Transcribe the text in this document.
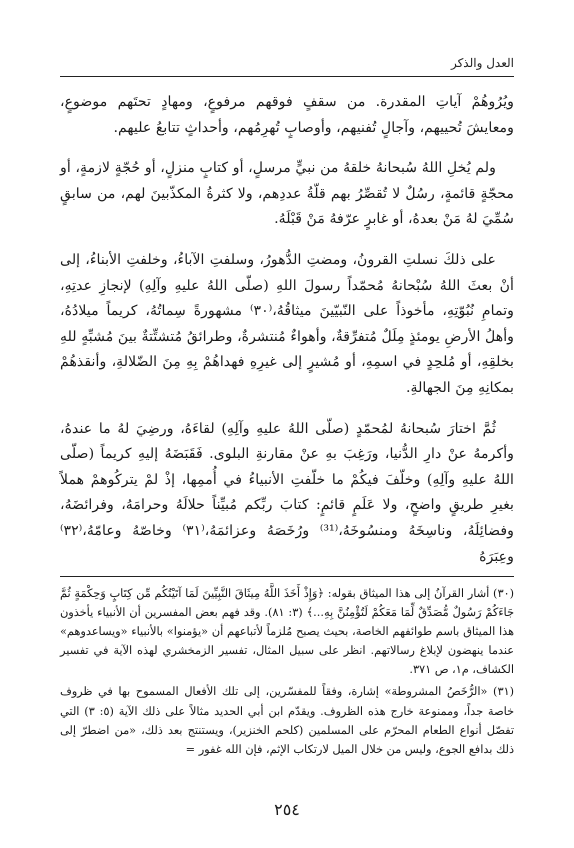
العدل والذكر

ويُرُوهُمْ آياتِ المقدرة. من سقفٍ فوقهم مرفوعٍ، ومهادٍ تحتَهم موضوعٍ، ومعايشَ تُحييهم، وآجالٍ تُفنيهم، وأوصابٍ تُهرِمُهم، وأحداثٍ تتابعُ عليهم.

ولم يُخلِ اللهُ سُبحانهُ خلقهُ من نبيٍّ مرسلٍ، أو كتابٍ منزلٍ، أو حُجّةٍ لازمةٍ، أو محجّةٍ قائمةٍ، رسُلٌ لا تُقصِّرُ بهم قلّةُ عددِهم، ولا كثرةُ المكذّبينَ لهم، من سابقٍ سُمِّيَ لهُ مَنْ بعدهُ، أو غابرٍ عرّفهُ مَنْ قَبْلَهُ.

على ذلكَ نسلتِ القرونُ، ومضتِ الدُّهورُ، وسلفتِ الآباءُ، وخلفتِ الأبناءُ، إلى أنْ بعثَ اللهُ سُبْحانهُ مُحمّداً رسولَ اللهِ (صلّى اللهُ عليهِ وآلِهِ) لإنجازِ عدتِهِ، وتمامِ نُبُوّتِهِ، مأخوذاً على النّبيّينَ ميثاقُهُ،⁽٣٠⁾ مشهورةً سِماتُهُ، كريماً ميلادُهُ، وأهلُ الأرضِ يومئذٍ مِلَلٌ مُتفرِّقةٌ، وأهواءٌ مُنتشرةٌ، وطرائقُ مُتشتِّتةٌ بينَ مُشبِّهٍ للهِ بخلقِهِ، أو مُلحِدٍ في اسمِهِ، أو مُشيرٍ إلى غيرِهِ فهداهُمْ بِهِ مِنَ الضّلالةِ، وأنقذهُمْ بمكانِهِ مِنَ الجهالةِ.

ثُمَّ اختارَ سُبحانهُ لمُحمّدٍ (صلّى اللهُ عليهِ وآلِهِ) لقاءَهُ، ورضِيَ لهُ ما عندهُ، وأكرمهُ عنْ دارِ الدُّنيا، ورَغِبَ بهِ عنْ مقارنةِ البلوى. فَقَبَضَهُ إليهِ كريماً (صلّى اللهُ عليهِ وآلِهِ) وخلّفَ فيكُمْ ما خلّفتِ الأنبياءُ في أُممِها، إذْ لمْ يتركُوهمْ هملاً بغيرِ طريقٍ واضحٍ، ولا عَلَمٍ قائمٍ: كتابَ ربِّكم مُبيِّناً حلالَهُ وحرامَهُ، وفرائضَهُ، وفضائِلَهُ، وناسِخَهُ ومنسُوخَهُ،⁽³¹⁾ ورُخَصَهُ وعزائمَهُ،⁽٣١⁾ وخاصّهُ وعامّهُ،⁽٣٢⁾ وعِبَرَهُ

(٣٠) أشار القرآنُ إلى هذا الميثاق بقوله: ﴿وَإِذْ أَخَذَ اللَّهُ مِيثَاقَ النَّبِيِّينَ لَمَا آتَيْتُكُم مِّن كِتَابٍ وَحِكْمَةٍ ثُمَّ جَاءَكُمْ رَسُولٌ مُّصَدِّقٌ لِّمَا مَعَكُمْ لَتُؤْمِنُنَّ بِهِ...﴾ (٣: ٨١). وقد فهم بعض المفسرين أن الأنبياء يأخذون هذا الميثاق باسم طوائفهم الخاصة، بحيث يصبح مُلزماً لأتباعهم أن «يؤمنوا» بالأنبياء «ويساعدوهم» عندما ينهضون لإبلاغ رسالاتهم. انظر على سبيل المثال، تفسير الزمخشري لهذه الآية في تفسير الكشاف، م١، ص ٣٧١.

(٣١) «الرُّخَصُ المشروطة» إشارة، وفقاً للمفسّرين، إلى تلك الأفعال المسموح بها في ظروف خاصة جداً، وممنوعة خارج هذه الظروف. ويقدّم ابن أبي الحديد مثالاً على ذلك الآية (٥: ٣) التي تفصّل أنواع الطعام المحرّم على المسلمين (كلحم الخنزير)، ويستنتج بعد ذلك، «من اضطرّ إلى ذلك بدافع الجوع، وليس من خلال الميل لارتكاب الإثم، فإن الله غفور =

٢٥٤
